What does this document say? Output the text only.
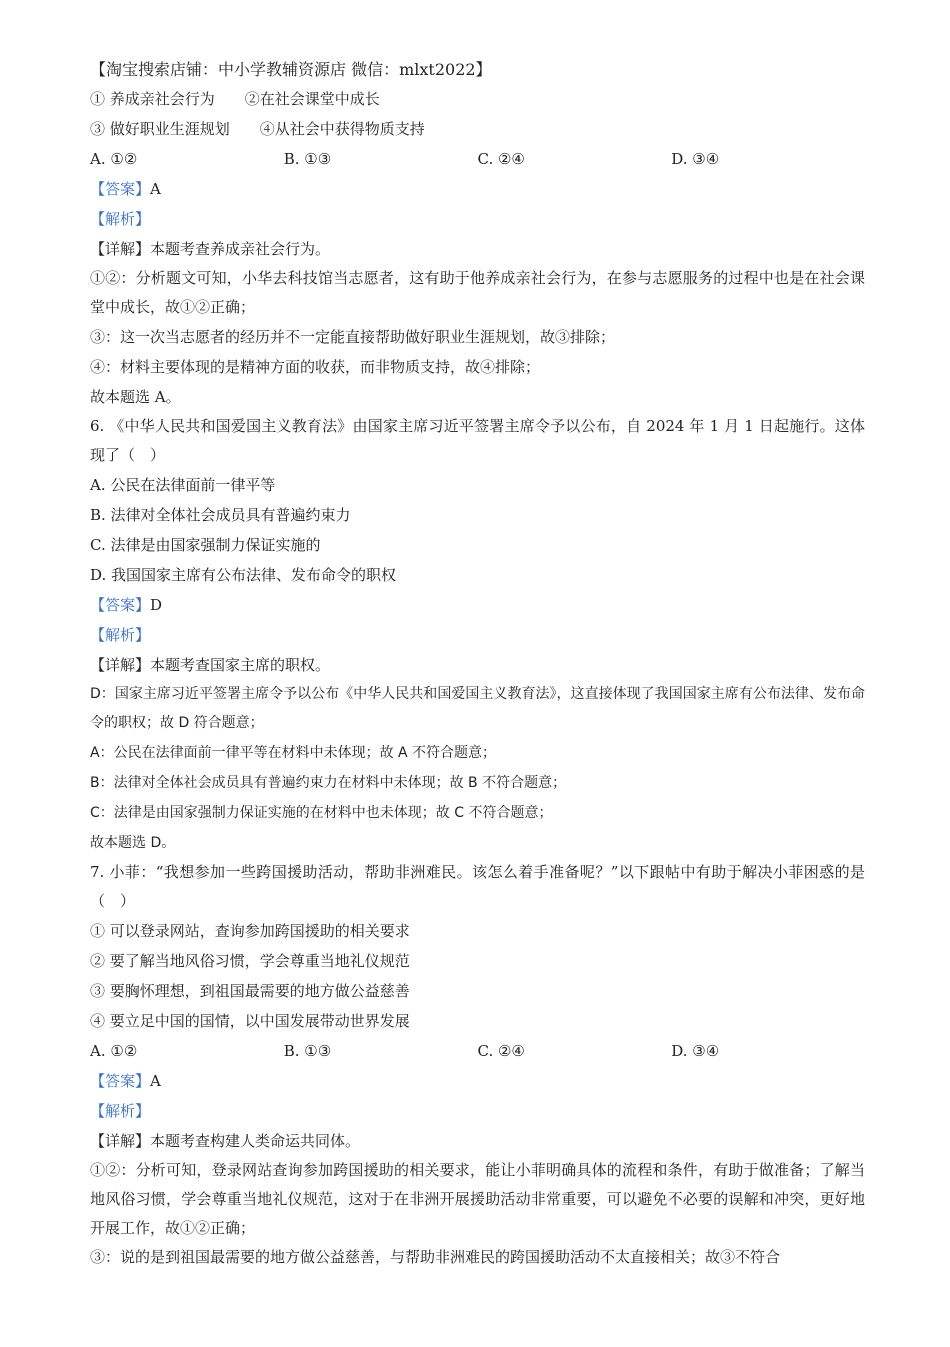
【淘宝搜索店铺：中小学教辅资源店 微信：mlxt2022】
① 养成亲社会行为　　②在社会课堂中成长
③ 做好职业生涯规划　　④从社会中获得物质支持
A. ①②	B. ①③	C. ②④	D. ③④
【答案】A
【解析】
【详解】本题考查养成亲社会行为。
①②：分析题文可知，小华去科技馆当志愿者，这有助于他养成亲社会行为，在参与志愿服务的过程中也是在社会课堂中成长，故①②正确；
③：这一次当志愿者的经历并不一定能直接帮助做好职业生涯规划，故③排除；
④：材料主要体现的是精神方面的收获，而非物质支持，故④排除；
故本题选 A。
6. 《中华人民共和国爱国主义教育法》由国家主席习近平签署主席令予以公布，自 2024 年 1 月 1 日起施行。这体现了（　）
A. 公民在法律面前一律平等
B. 法律对全体社会成员具有普遍约束力
C. 法律是由国家强制力保证实施的
D. 我国国家主席有公布法律、发布命令的职权
【答案】D
【解析】
【详解】本题考查国家主席的职权。
D：国家主席习近平签署主席令予以公布《中华人民共和国爱国主义教育法》，这直接体现了我国国家主席有公布法律、发布命令的职权；故 D 符合题意；
A：公民在法律面前一律平等在材料中未体现；故 A 不符合题意；
B：法律对全体社会成员具有普遍约束力在材料中未体现；故 B 不符合题意；
C：法律是由国家强制力保证实施的在材料中也未体现；故 C 不符合题意；
故本题选 D。
7. 小菲：“我想参加一些跨国援助活动，帮助非洲难民。该怎么着手准备呢？”以下跟帖中有助于解决小菲困惑的是（　）
① 可以登录网站，查询参加跨国援助的相关要求
② 要了解当地风俗习惯，学会尊重当地礼仪规范
③ 要胸怀理想，到祖国最需要的地方做公益慈善
④ 要立足中国的国情，以中国发展带动世界发展
A. ①②	B. ①③	C. ②④	D. ③④
【答案】A
【解析】
【详解】本题考查构建人类命运共同体。
①②：分析可知，登录网站查询参加跨国援助的相关要求，能让小菲明确具体的流程和条件，有助于做准备；了解当地风俗习惯，学会尊重当地礼仪规范，这对于在非洲开展援助活动非常重要，可以避免不必要的误解和冲突，更好地开展工作，故①②正确；
③：说的是到祖国最需要的地方做公益慈善，与帮助非洲难民的跨国援助活动不太直接相关；故③不符合
